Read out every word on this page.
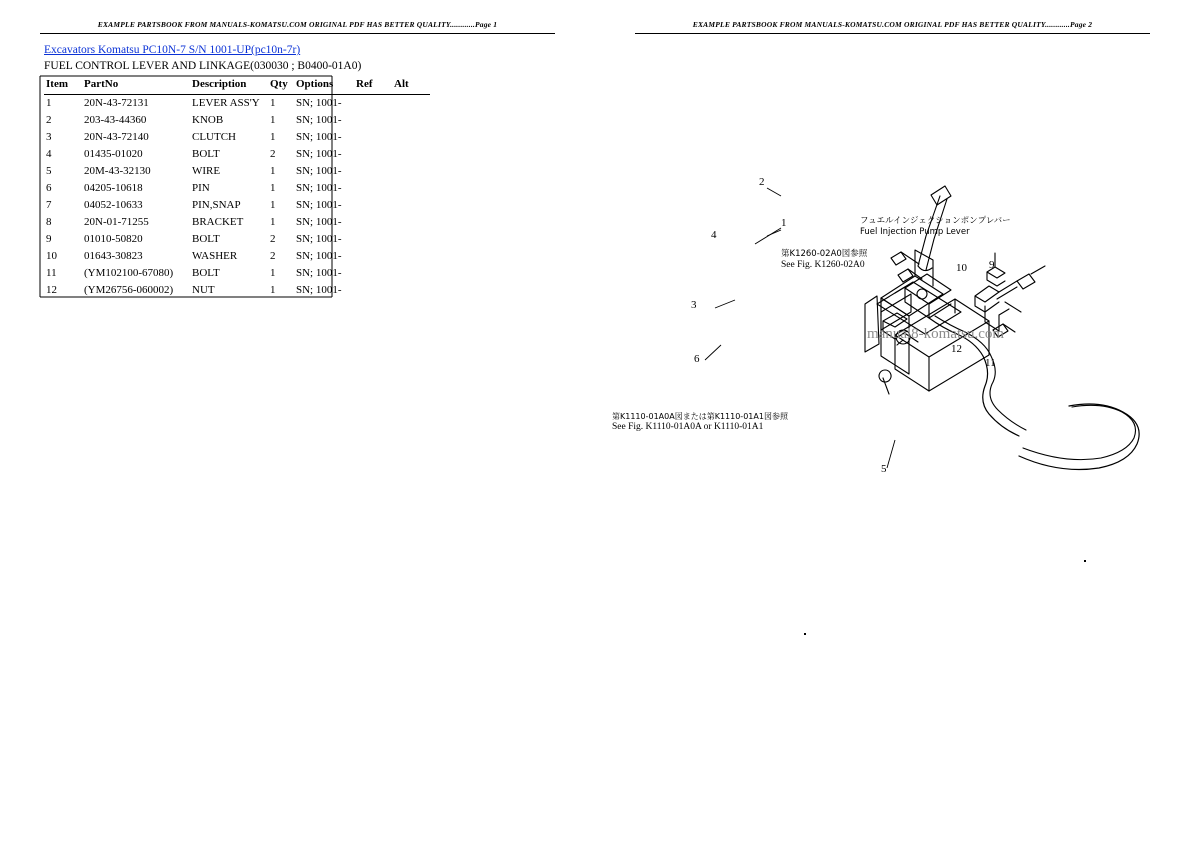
EXAMPLE PARTSBOOK FROM MANUALS-KOMATSU.COM ORIGINAL PDF HAS BETTER QUALITY............Page 1
Excavators Komatsu PC10N-7 S/N 1001-UP(pc10n-7r)
FUEL CONTROL LEVER AND LINKAGE(030030 ; B0400-01A0)
Item	PartNo	Description	Qty	Options	Ref	Alt
1	20N-43-72131	LEVER ASS'Y	1	SN; 1001-		
2	203-43-44360	KNOB	1	SN; 1001-		
3	20N-43-72140	CLUTCH	1	SN; 1001-		
4	01435-01020	BOLT	2	SN; 1001-		
5	20M-43-32130	WIRE	1	SN; 1001-		
6	04205-10618	PIN	1	SN; 1001-		
7	04052-10633	PIN,SNAP	1	SN; 1001-		
8	20N-01-71255	BRACKET	1	SN; 1001-		
9	01010-50820	BOLT	2	SN; 1001-		
10	01643-30823	WASHER	2	SN; 1001-		
11	(YM102100-67080)	BOLT	1	SN; 1001-		
12	(YM26756-060002)	NUT	1	SN; 1001-		
EXAMPLE PARTSBOOK FROM MANUALS-KOMATSU.COM ORIGINAL PDF HAS BETTER QUALITY............Page 2
2
1
4
3
6
5
10 9
12
11
フュエルインジェクションポンプレバー
Fuel Injection Pump Lever
第K1260-02A0図参照
See Fig. K1260-02A0
第K1110-01A0A図または第K1110-01A1図参照
See Fig. K1110-01A0A or K1110-01A1
manual8-komatsu.com
